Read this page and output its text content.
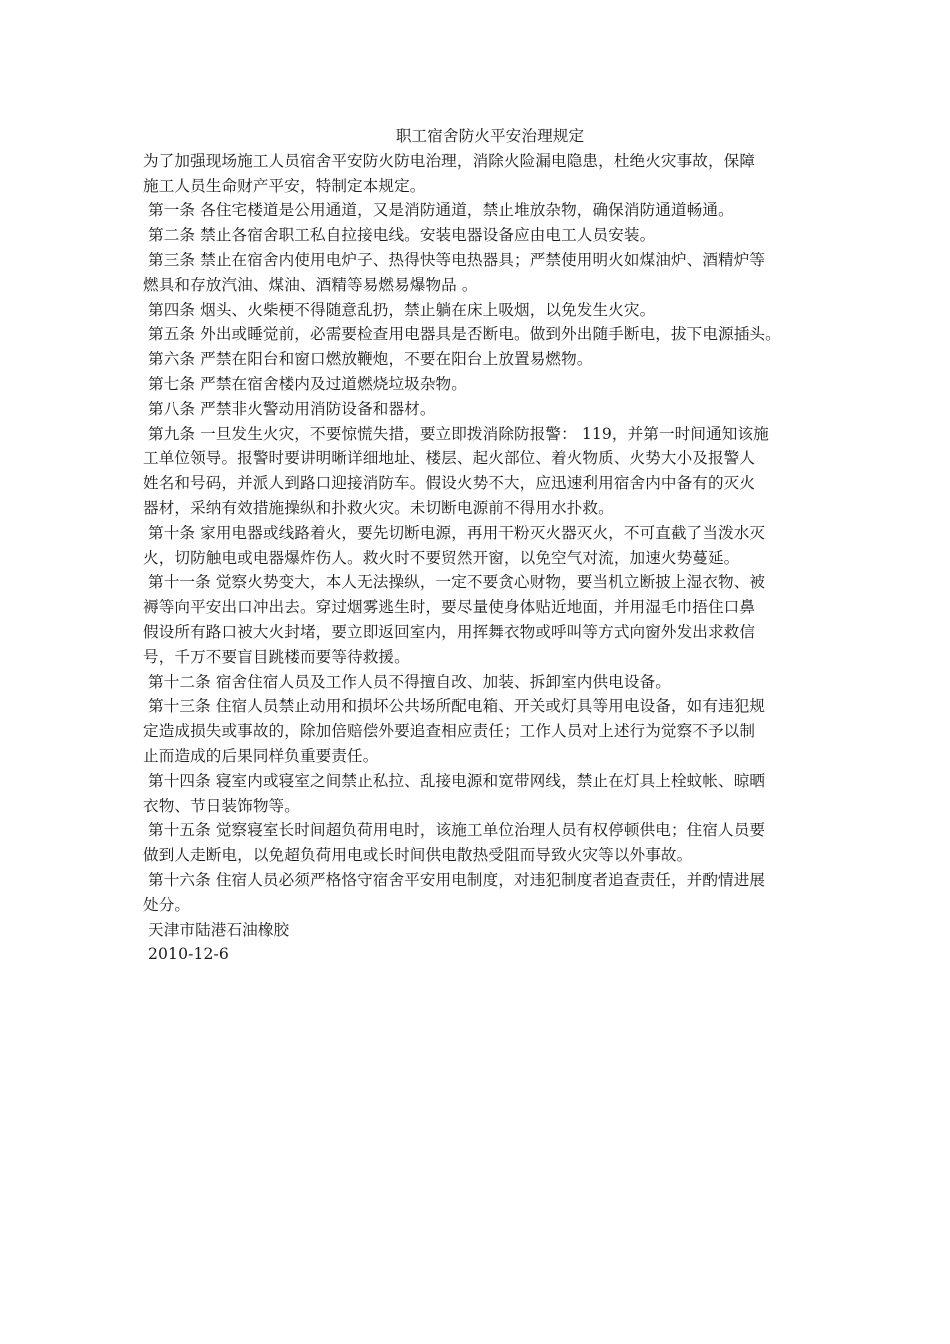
职工宿舍防火平安治理规定
为了加强现场施工人员宿舍平安防火防电治理，消除火险漏电隐患，杜绝火灾事故，保障
施工人员生命财产平安，特制定本规定。
第一条 各住宅楼道是公用通道，又是消防通道，禁止堆放杂物，确保消防通道畅通。
第二条 禁止各宿舍职工私自拉接电线。安装电器设备应由电工人员安装。
第三条 禁止在宿舍内使用电炉子、热得快等电热器具；严禁使用明火如煤油炉、酒精炉等
燃具和存放汽油、煤油、酒精等易燃易爆物品 。
第四条 烟头、火柴梗不得随意乱扔，禁止躺在床上吸烟，以免发生火灾。
第五条 外出或睡觉前，必需要检查用电器具是否断电。做到外出随手断电，拔下电源插头。
第六条 严禁在阳台和窗口燃放鞭炮，不要在阳台上放置易燃物。
第七条 严禁在宿舍楼内及过道燃烧垃圾杂物。
第八条 严禁非火警动用消防设备和器材。
第九条 一旦发生火灾，不要惊慌失措，要立即拨消除防报警： 119，并第一时间通知该施
工单位领导。报警时要讲明晰详细地址、楼层、起火部位、着火物质、火势大小及报警人
姓名和号码，并派人到路口迎接消防车。假设火势不大，应迅速利用宿舍内中备有的灭火
器材，采纳有效措施操纵和扑救火灾。未切断电源前不得用水扑救。
第十条 家用电器或线路着火，要先切断电源，再用干粉灭火器灭火，不可直截了当泼水灭
火，切防触电或电器爆炸伤人。救火时不要贸然开窗，以免空气对流，加速火势蔓延。
第十一条 觉察火势变大，本人无法操纵，一定不要贪心财物，要当机立断披上湿衣物、被
褥等向平安出口冲出去。穿过烟雾逃生时，要尽量使身体贴近地面，并用湿毛巾捂住口鼻
假设所有路口被大火封堵，要立即返回室内，用挥舞衣物或呼叫等方式向窗外发出求救信
号，千万不要盲目跳楼而要等待救援。
第十二条 宿舍住宿人员及工作人员不得擅自改、加装、拆卸室内供电设备。
第十三条 住宿人员禁止动用和损坏公共场所配电箱、开关或灯具等用电设备，如有违犯规
定造成损失或事故的，除加倍赔偿外要追查相应责任；工作人员对上述行为觉察不予以制
止而造成的后果同样负重要责任。
第十四条 寝室内或寝室之间禁止私拉、乱接电源和宽带网线，禁止在灯具上栓蚊帐、晾晒
衣物、节日装饰物等。
第十五条 觉察寝室长时间超负荷用电时，该施工单位治理人员有权停顿供电；住宿人员要
做到人走断电，以免超负荷用电或长时间供电散热受阻而导致火灾等以外事故。
第十六条 住宿人员必须严格恪守宿舍平安用电制度，对违犯制度者追查责任，并酌情进展
处分。

天津市陆港石油橡胶

2010-12-6
